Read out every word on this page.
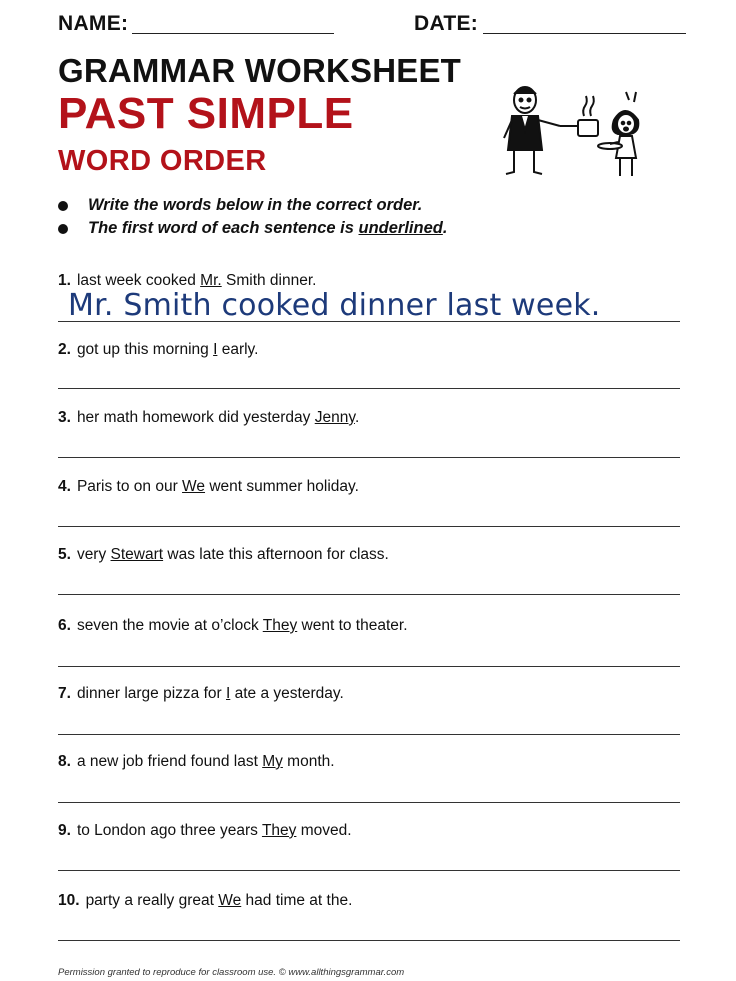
NAME:	DATE:
GRAMMAR WORKSHEET
PAST SIMPLE
WORD ORDER
Write the words below in the correct order.
The first word of each sentence is underlined.
1. last week cooked Mr. Smith dinner.
Mr. Smith cooked dinner last week.
2. got up this morning I early.
3. her math homework did yesterday Jenny.
4. Paris to on our We went summer holiday.
5. very Stewart was late this afternoon for class.
6. seven the movie at o’clock They went to theater.
7. dinner large pizza for I ate a yesterday.
8. a new job friend found last My month.
9. to London ago three years They moved.
10. party a really great We had time at the.
Permission granted to reproduce for classroom use. © www.allthingsgrammar.com
